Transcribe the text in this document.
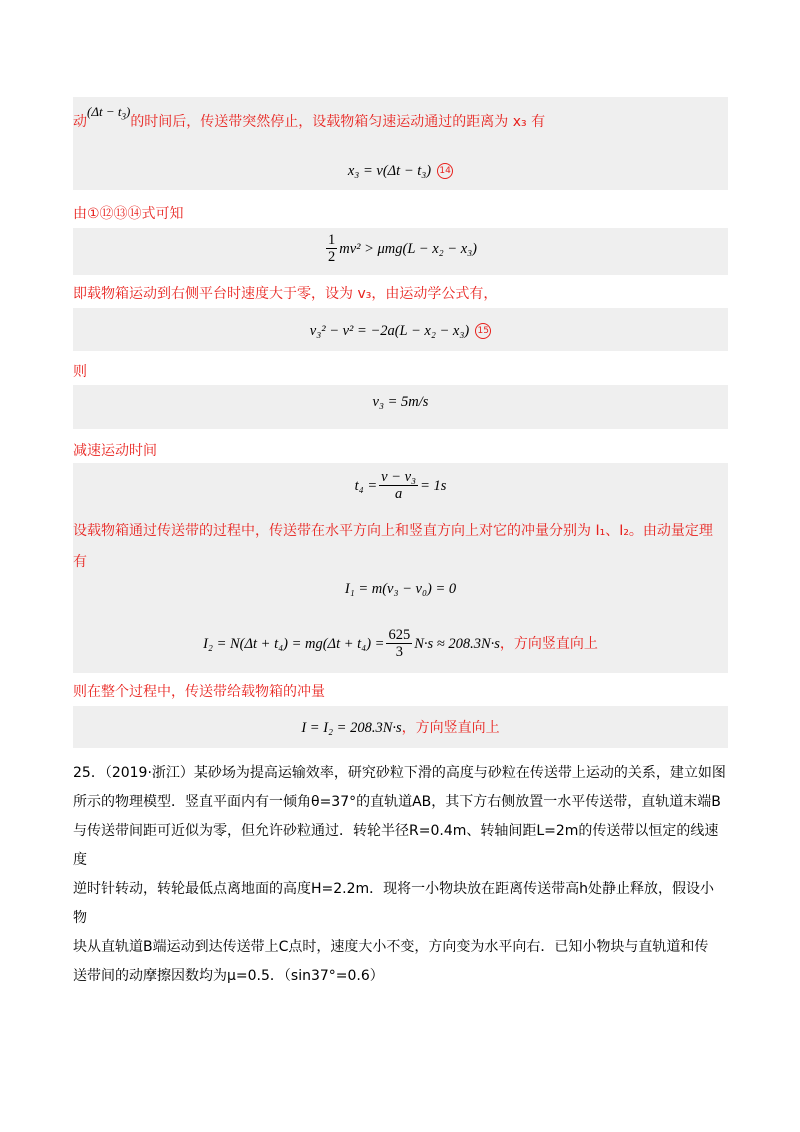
动$^{(\Delta t - t_3)}$的时间后，传送带突然停止，设载物箱匀速运动通过的距离为 x₃ 有
x₃ = v(Δt − t₃) 14
由①⑫⑬⑭式可知
$\frac{1}{2} mv^2 > \mu mg(L - x_2 - x_3)$
即载物箱运动到右侧平台时速度大于零，设为 v₃，由运动学公式有，
v₃² − v² = −2a(L − x₂ − x₃) 15
则
v₃ = 5m/s
减速运动时间
$t_4 = \frac{\text{v − v₃}}{a} = 1s$
设载物箱通过传送带的过程中，传送带在水平方向上和竖直方向上对它的冲量分别为 I₁、I₂。由动量定理
有
I₁ = m(v₃ − v₀) = 0
$I_2 = N(\Delta t + t_4) = mg(\Delta t + t_4) = \frac{625}{3} N\cdot s \approx 208.3N\cdot s$，方向竖直向上
则在整个过程中，传送带给载物箱的冲量
I = I₂ = 208.3N·s，方向竖直向上
25．（2019·浙江）某砂场为提高运输效率，研究砂粒下滑的高度与砂粒在传送带上运动的关系，建立如图
所示的物理模型．竖直平面内有一倾角θ=37°的直轨道AB，其下方右侧放置一水平传送带，直轨道末端B
与传送带间距可近似为零，但允许砂粒通过．转轮半径R=0.4m、转轴间距L=2m的传送带以恒定的线速度
逆时针转动，转轮最低点离地面的高度H=2.2m．现将一小物块放在距离传送带高h处静止释放，假设小物
块从直轨道B端运动到达传送带上C点时，速度大小不变，方向变为水平向右．已知小物块与直轨道和传
送带间的动摩擦因数均为μ=0.5．（sin37°=0.6）
